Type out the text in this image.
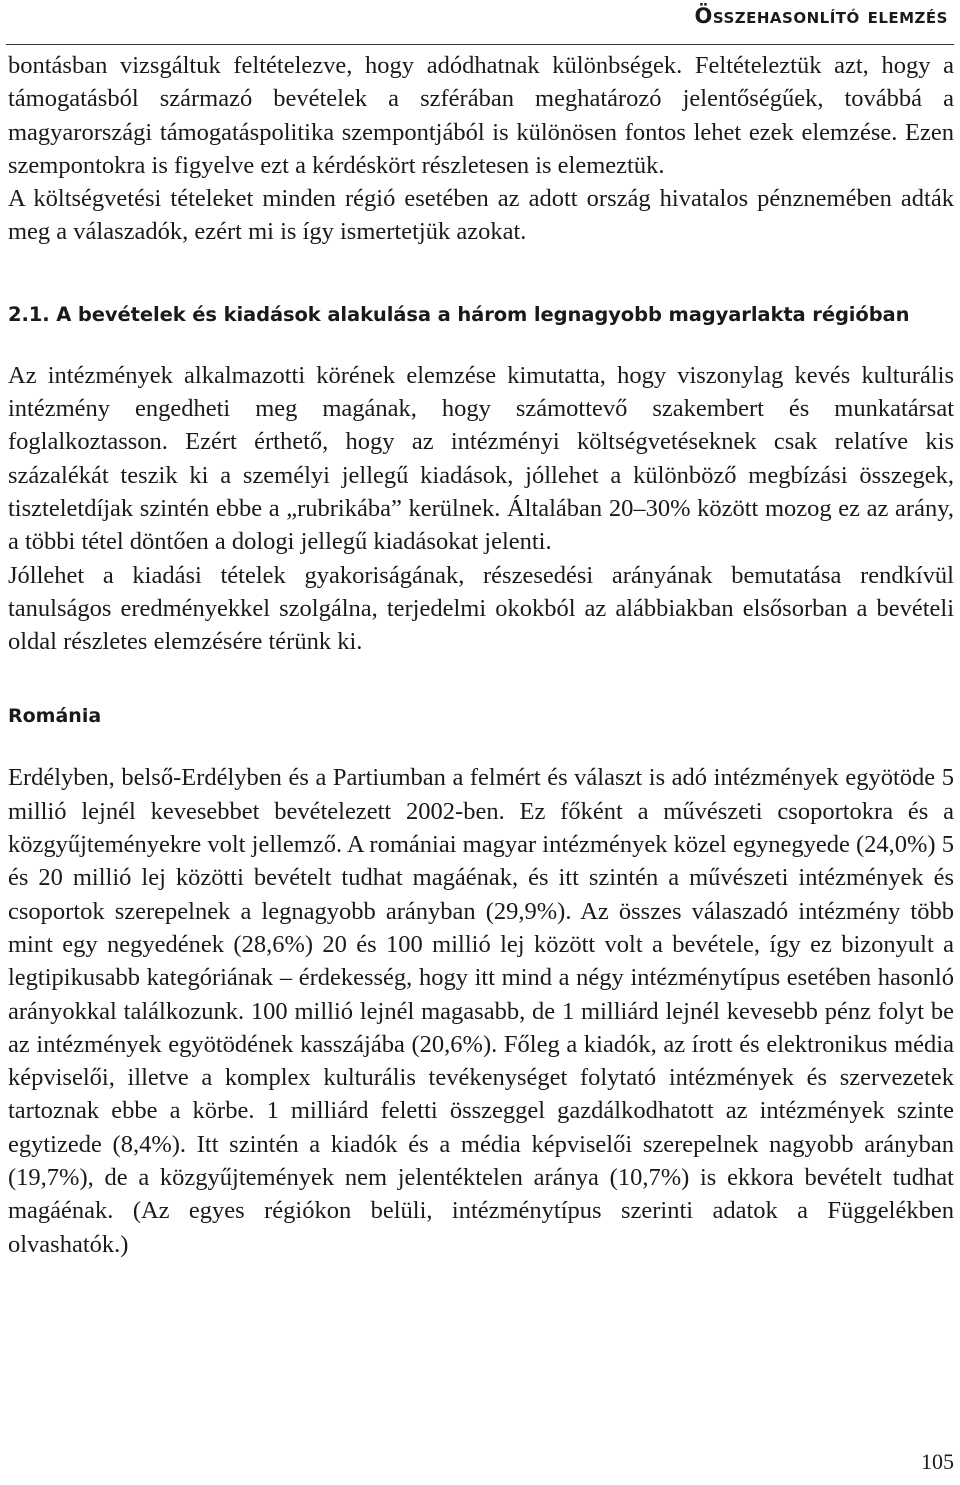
Összehasonlító elemzés

bontásban vizsgáltuk feltételezve, hogy adódhatnak különbségek. Feltételeztük azt, hogy a támogatásból származó bevételek a szférában meghatározó jelentőségűek, továbbá a magyarországi támogatáspolitika szempontjából is különösen fontos lehet ezek elemzése. Ezen szempontokra is figyelve ezt a kérdéskört részletesen is elemeztük.

A költségvetési tételeket minden régió esetében az adott ország hivatalos pénznemében adták meg a válaszadók, ezért mi is így ismertetjük azokat.

2.1. A bevételek és kiadások alakulása a három legnagyobb magyarlakta régióban

Az intézmények alkalmazotti körének elemzése kimutatta, hogy viszonylag kevés kulturális intézmény engedheti meg magának, hogy számottevő szakembert és munkatársat foglalkoztasson. Ezért érthető, hogy az intézményi költségvetéseknek csak relatíve kis százalékát teszik ki a személyi jellegű kiadások, jóllehet a különböző megbízási összegek, tiszteletdíjak szintén ebbe a „rubrikába” kerülnek. Általában 20–30% között mozog ez az arány, a többi tétel döntően a dologi jellegű kiadásokat jelenti.

Jóllehet a kiadási tételek gyakoriságának, részesedési arányának bemutatása rendkívül tanulságos eredményekkel szolgálna, terjedelmi okokból az alábbiakban elsősorban a bevételi oldal részletes elemzésére térünk ki.

Románia

Erdélyben, belső-Erdélyben és a Partiumban a felmért és választ is adó intézmények egyötöde 5 millió lejnél kevesebbet bevételezett 2002-ben. Ez főként a művészeti csoportokra és a közgyűjteményekre volt jellemző. A romániai magyar intézmények közel egynegyede (24,0%) 5 és 20 millió lej közötti bevételt tudhat magáénak, és itt szintén a művészeti intézmények és csoportok szerepelnek a legnagyobb arányban (29,9%). Az összes válaszadó intézmény több mint egy negyedének (28,6%) 20 és 100 millió lej között volt a bevétele, így ez bizonyult a legtipikusabb kategóriának – érdekesség, hogy itt mind a négy intézménytípus esetében hasonló arányokkal találkozunk. 100 millió lejnél magasabb, de 1 milliárd lejnél kevesebb pénz folyt be az intézmények egyötödének kasszájába (20,6%). Főleg a kiadók, az írott és elektronikus média képviselői, illetve a komplex kulturális tevékenységet folytató intézmények és szervezetek tartoznak ebbe a körbe. 1 milliárd feletti összeggel gazdálkodhatott az intézmények szinte egytizede (8,4%). Itt szintén a kiadók és a média képviselői szerepelnek nagyobb arányban (19,7%), de a közgyűjtemények nem jelentéktelen aránya (10,7%) is ekkora bevételt tudhat magáénak. (Az egyes régiókon belüli, intézménytípus szerinti adatok a Függelékben olvashatók.)

105
